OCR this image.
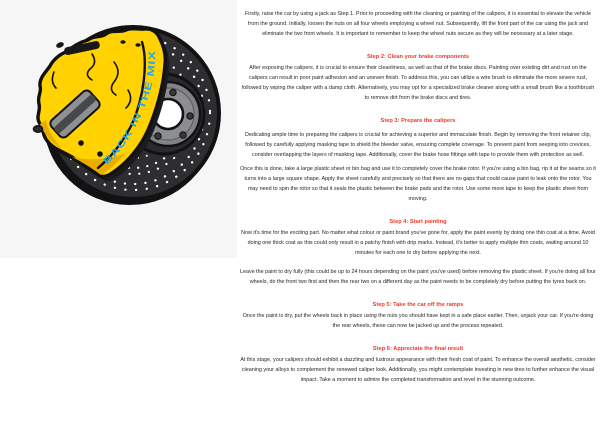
BACK IN THE MIX

Firstly, raise the car by using a jack as Step 1. Prior to proceeding with the cleaning or painting of the calipers, it is essential to elevate the vehicle from the ground. Initially, loosen the nuts on all four wheels employing a wheel nut. Subsequently, lift the front part of the car using the jack and eliminate the two front wheels. It is important to remember to keep the wheel nuts secure as they will be necessary at a later stage.

Step 2: Clean your brake components

After exposing the calipers, it is crucial to ensure their cleanliness, as well as that of the brake discs. Painting over existing dirt and rust on the calipers can result in poor paint adhesion and an uneven finish. To address this, you can utilize a wire brush to eliminate the more severe rust, followed by wiping the caliper with a damp cloth. Alternatively, you may opt for a specialized brake cleaner along with a small brush like a toothbrush to remove dirt from the brake discs and tires.

Step 3: Prepare the calipers

Dedicating ample time to preparing the calipers is crucial for achieving a superior and immaculate finish. Begin by removing the front retainer clip, followed by carefully applying masking tape to shield the bleeder valve, ensuring complete coverage. To prevent paint from seeping into crevices, consider overlapping the layers of masking tape. Additionally, cover the brake hose fittings with tape to provide them with protection as well.

Once this is done, take a large plastic sheet or bin bag and use it to completely cover the brake rotor. If you're using a bin bag, rip it at the seams so it turns into a large square shape. Apply the sheet carefully and precisely so that there are no gaps that could cause paint to leak onto the rotor. You may need to spin the rotor so that it seals the plastic between the brake pads and the rotor. Use some more tape to keep the plastic sheet from moving.

Step 4: Start painting

Now it's time for the exciting part. No matter what colour or paint brand you've gone for, apply the paint evenly by doing one thin coat at a time. Avoid doing one thick coat as this could only result in a patchy finish with drip marks. Instead, it's better to apply multiple thin coats, waiting around 10 minutes for each one to dry before applying the next.

Leave the paint to dry fully (this could be up to 24 hours depending on the paint you've used) before removing the plastic sheet. If you're doing all four wheels, do the front two first and then the rear two on a different day as the paint needs to be completely dry before putting the tyres back on.

Step 5: Take the car off the ramps

Once the paint is dry, put the wheels back in place using the nuts you should have kept in a safe place earlier. Then, unjack your car. If you're doing the rear wheels, these can now be jacked up and the process repeated.

Step 6: Appreciate the final result

At this stage, your calipers should exhibit a dazzling and lustrous appearance with their fresh coat of paint. To enhance the overall aesthetic, consider cleaning your alloys to complement the renewed caliper look. Additionally, you might contemplate investing in new tires to further enhance the visual impact. Take a moment to admire the completed transformation and revel in the stunning outcome.
